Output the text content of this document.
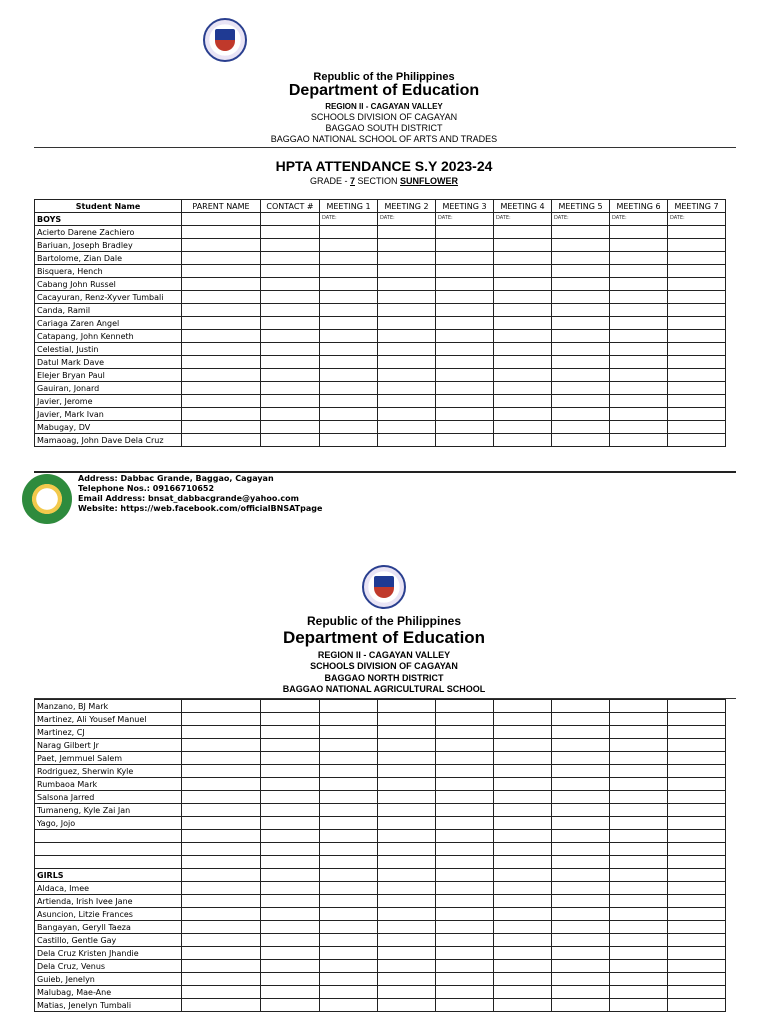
Republic of the Philippines
Department of Education
REGION II - CAGAYAN VALLEY
SCHOOLS DIVISION OF CAGAYAN
BAGGAO SOUTH DISTRICT
BAGGAO NATIONAL SCHOOL OF ARTS AND TRADES
HPTA ATTENDANCE S.Y 2023-24
GRADE - 7 SECTION SUNFLOWER
Student Name	PARENT NAME	CONTACT #	MEETING 1	MEETING 2	MEETING 3	MEETING 4	MEETING 5	MEETING 6	MEETING 7
BOYS			DATE:	DATE:	DATE:	DATE:	DATE:	DATE:	DATE:
Acierto Darene Zachiero									
Bariuan, Joseph Bradley									
Bartolome, Zian Dale									
Bisquera, Hench									
Cabang John Russel									
Cacayuran, Renz-Xyver Tumbali									
Canda, Ramil									
Cariaga Zaren Angel									
Catapang, John Kenneth									
Celestial, Justin									
Datul Mark Dave									
Elejer Bryan Paul									
Gauiran, Jonard									
Javier, Jerome									
Javier, Mark Ivan									
Mabugay, DV									
Mamaoag, John Dave Dela Cruz									
Address: Dabbac Grande, Baggao, Cagayan
Telephone Nos.: 09166710652
Email Address: bnsat_dabbacgrande@yahoo.com
Website: https://web.facebook.com/officialBNSATpage
Republic of the Philippines
Department of Education
REGION II - CAGAYAN VALLEY
SCHOOLS DIVISION OF CAGAYAN
BAGGAO NORTH DISTRICT
BAGGAO NATIONAL AGRICULTURAL SCHOOL
Manzano, BJ Mark									
Martinez, Ali Yousef Manuel									
Martinez, CJ									
Narag Gilbert Jr									
Paet, Jemmuel Salem									
Rodriguez, Sherwin Kyle									
Rumbaoa Mark									
Salsona Jarred									
Tumaneng, Kyle Zai Jan									
Yago, Jojo									

GIRLS									
Aldaca, Imee									
Artienda, Irish Ivee Jane									
Asuncion, Litzie Frances									
Bangayan, Geryll Taeza									
Castillo, Gentle Gay									
Dela Cruz Kristen Jhandie									
Dela Cruz, Venus									
Guieb, Jenelyn									
Malubag, Mae-Ane									
Matias, Jenelyn Tumbali									
